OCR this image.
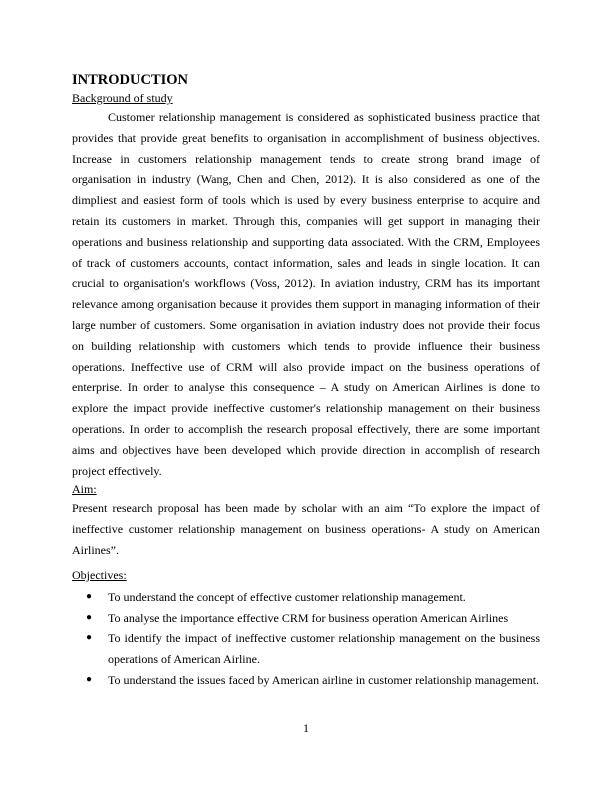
INTRODUCTION
Background of study

Customer relationship management is considered as sophisticated business practice that provides that provide great benefits to organisation in accomplishment of business objectives. Increase in customers relationship management tends to create strong brand image of organisation in industry (Wang, Chen and Chen, 2012). It is also considered as one of the dimpliest and easiest form of tools which is used by every business enterprise to acquire and retain its customers in market. Through this, companies will get support in managing their operations and business relationship and supporting data associated. With the CRM, Employees of track of customers accounts, contact information, sales and leads in single location. It can crucial to organisation's workflows (Voss, 2012). In aviation industry, CRM has its important relevance among organisation because it provides them support in managing information of their large number of customers. Some organisation in aviation industry does not provide their focus on building relationship with customers which tends to provide influence their business operations. Ineffective use of CRM will also provide impact on the business operations of enterprise. In order to analyse this consequence – A study on American Airlines is done to explore the impact provide ineffective customer's relationship management on their business operations. In order to accomplish the research proposal effectively, there are some important aims and objectives have been developed which provide direction in accomplish of research project effectively.

Aim:

Present research proposal has been made by scholar with an aim “To explore the impact of ineffective customer relationship management on business operations- A study on American Airlines”.

Objectives:
● To understand the concept of effective customer relationship management.
● To analyse the importance effective CRM for business operation American Airlines
● To identify the impact of ineffective customer relationship management on the business operations of American Airline.
● To understand the issues faced by American airline in customer relationship management.
1
